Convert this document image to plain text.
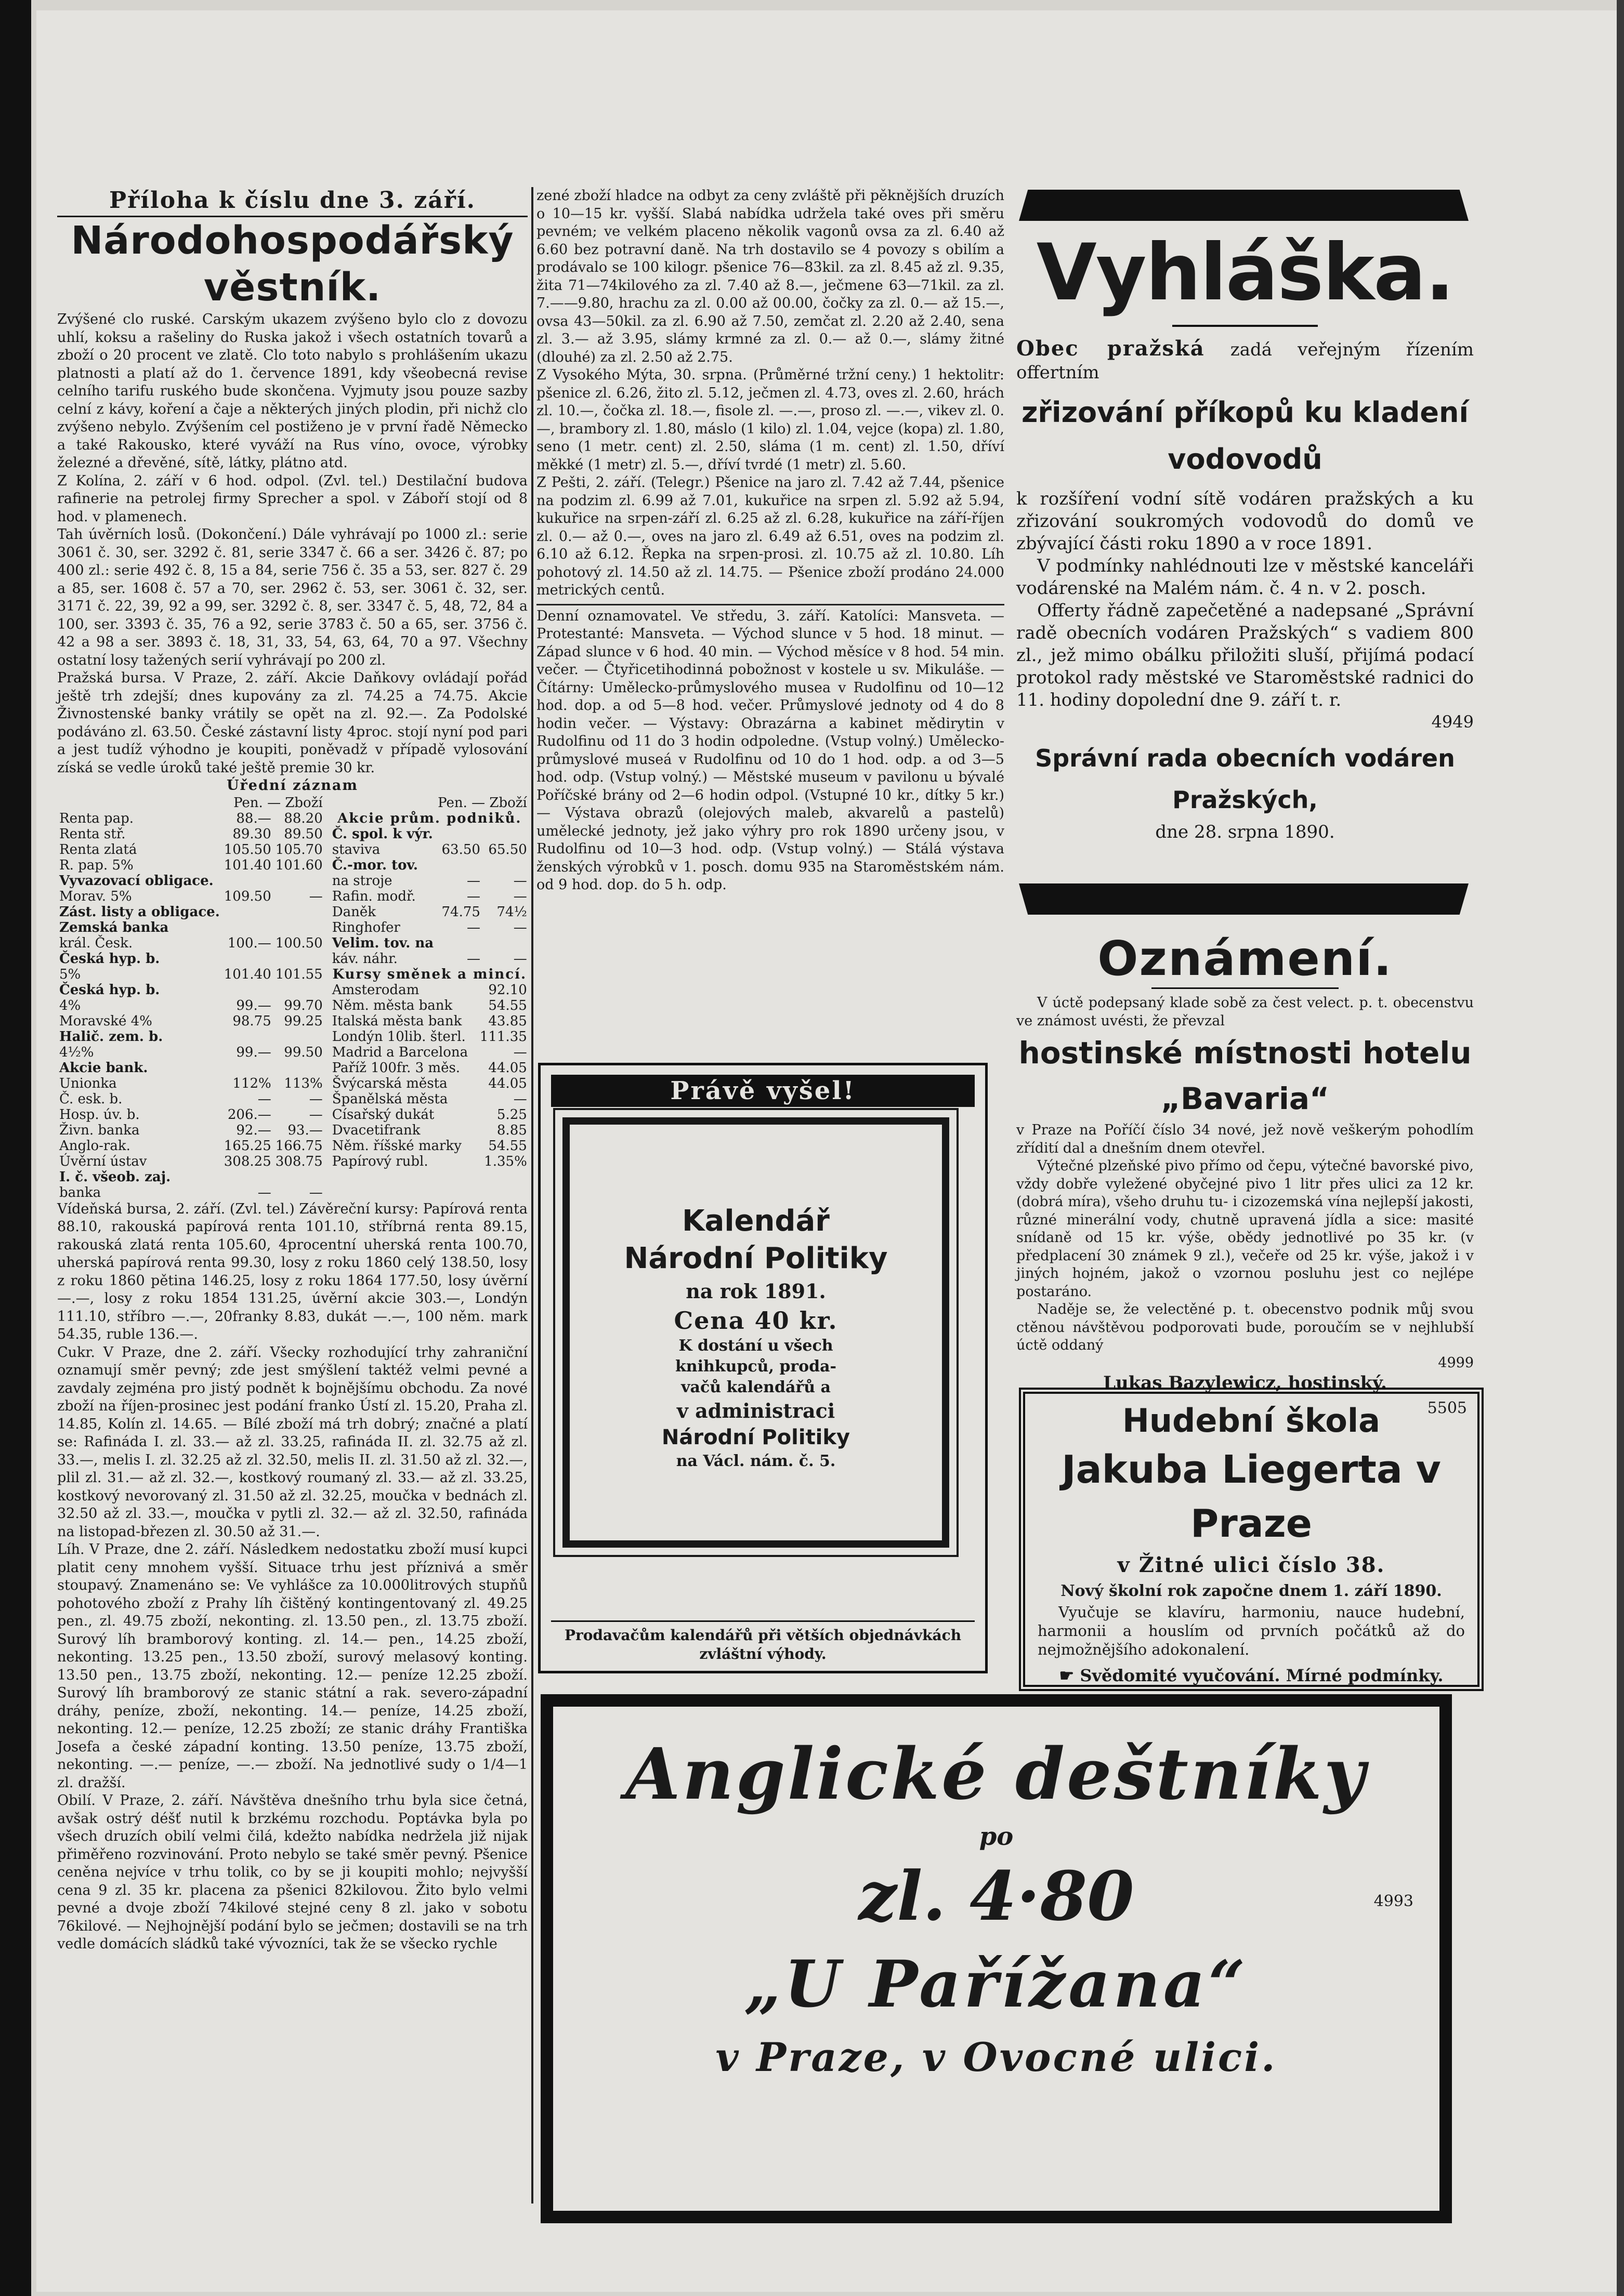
Příloha k číslu dne 3. září.
Národohospodářský věstník.

Zvýšené clo ruské. Carským ukazem zvýšeno bylo clo z dovozu uhlí, koksu a rašeliny do Ruska jakož i všech ostatních tovarů a zboží o 20 procent ve zlatě. Clo toto nabylo s prohlášením ukazu platnosti a platí až do 1. července 1891, kdy všeobecná revise celního tarifu ruského bude skončena. Vyjmuty jsou pouze sazby celní z kávy, koření a čaje a některých jiných plodin, při nichž clo zvýšeno nebylo. Zvýšením cel postiženo je v první řadě Německo a také Rakousko, které vyváží na Rus víno, ovoce, výrobky železné a dřevěné, sítě, látky, plátno atd.

Z Kolína, 2. září v 6 hod. odpol. (Zvl. tel.) Destilační budova rafinerie na petrolej firmy Sprecher a spol. v Záboří stojí od 8 hod. v plamenech.

Tah úvěrních losů. (Dokončení.) Dále vyhrávají po 1000 zl.: serie 3061 č. 30, ser. 3292 č. 81, serie 3347 č. 66 a ser. 3426 č. 87; po 400 zl.: serie 492 č. 8, 15 a 84, serie 756 č. 35 a 53, ser. 827 č. 29 a 85, ser. 1608 č. 57 a 70, ser. 2962 č. 53, ser. 3061 č. 32, ser. 3171 č. 22, 39, 92 a 99, ser. 3292 č. 8, ser. 3347 č. 5, 48, 72, 84 a 100, ser. 3393 č. 35, 76 a 92, serie 3783 č. 50 a 65, ser. 3756 č. 42 a 98 a ser. 3893 č. 18, 31, 33, 54, 63, 64, 70 a 97. Všechny ostatní losy tažených serií vyhrávají po 200 zl.

Pražská bursa. V Praze, 2. září. Akcie Daňkovy ovládají pořád ještě trh zdejší; dnes kupovány za zl. 74.25 a 74.75. Akcie Živnostenské banky vrátily se opět na zl. 92.—. Za Podolské podáváno zl. 63.50. České zástavní listy 4proc. stojí nyní pod pari a jest tudíž výhodno je koupiti, poněvadž v případě vylosování získá se vedle úroků také ještě premie 30 kr.

Úřední záznam
	Pen. — Zboží	
Renta pap.	88.—	88.20
Renta stř.	89.30	89.50
Renta zlatá	105.50	105.70
R. pap. 5%	101.40	101.60
Vyvazovací obligace.		
Morav. 5%	109.50	—
Zást. listy a obligace.		
Zemská banka		
král. Česk.	100.—	100.50
Česká hyp. b.		
5%	101.40	101.55
Česká hyp. b.		
4%	99.—	99.70
Moravské 4%	98.75	99.25
Halič. zem. b.		
4½%	99.—	99.50
Akcie bank.		
Unionka	112%	113%
Č. esk. b.	—	—
Hosp. úv. b.	206.—	—
Živn. banka	92.—	93.—
Anglo-rak.	165.25	166.75
Úvěrní ústav	308.25	308.75
I. č. všeob. zaj.		
banka	—	—
	Pen. — Zboží	
Akcie prům. podniků.		
Č. spol. k výr.		
staviva	63.50	65.50
Č.-mor. tov.		
na stroje	—	—
Rafin. modř.	—	—
Daněk	74.75	74½
Ringhofer	—	—
Velim. tov. na		
káv. náhr.	—	—
Kursy směnek a mincí.		
Amsterodam		92.10
Něm. města bank		54.55
Italská města bank		43.85
Londýn 10lib. šterl.		111.35
Madrid a Barcelona		—
Paříž 100fr. 3 měs.		44.05
Švýcarská města		44.05
Španělská města		—
Císařský dukát		5.25
Dvacetifrank		8.85
Něm. říšské marky		54.55
Papírový rubl.		1.35%

Vídeňská bursa, 2. září. (Zvl. tel.) Závěreční kursy: Papírová renta 88.10, rakouská papírová renta 101.10, stříbrná renta 89.15, rakouská zlatá renta 105.60, 4procentní uherská renta 100.70, uherská papírová renta 99.30, losy z roku 1860 celý 138.50, losy z roku 1860 pětina 146.25, losy z roku 1864 177.50, losy úvěrní —.—, losy z roku 1854 131.25, úvěrní akcie 303.—, Londýn 111.10, stříbro —.—, 20franky 8.83, dukát —.—, 100 něm. mark 54.35, ruble 136.—.

Cukr. V Praze, dne 2. září. Všecky rozhodující trhy zahraniční oznamují směr pevný; zde jest smýšlení taktéž velmi pevné a zavdaly zejména pro jistý podnět k bojnějšímu obchodu. Za nové zboží na říjen-prosinec jest podání franko Ústí zl. 15.20, Praha zl. 14.85, Kolín zl. 14.65. — Bílé zboží má trh dobrý; značné a platí se: Rafináda I. zl. 33.— až zl. 33.25, rafináda II. zl. 32.75 až zl. 33.—, melis I. zl. 32.25 až zl. 32.50, melis II. zl. 31.50 až zl. 32.—, plil zl. 31.— až zl. 32.—, kostkový roumaný zl. 33.— až zl. 33.25, kostkový nevorovaný zl. 31.50 až zl. 32.25, moučka v bednách zl. 32.50 až zl. 33.—, moučka v pytli zl. 32.— až zl. 32.50, rafináda na listopad-březen zl. 30.50 až 31.—.

Líh. V Praze, dne 2. září. Následkem nedostatku zboží musí kupci platit ceny mnohem vyšší. Situace trhu jest příznivá a směr stoupavý. Znamenáno se: Ve vyhlášce za 10.000litrových stupňů pohotového zboží z Prahy líh čištěný kontingentovaný zl. 49.25 pen., zl. 49.75 zboží, nekonting. zl. 13.50 pen., zl. 13.75 zboží. Surový líh bramborový konting. zl. 14.— pen., 14.25 zboží, nekonting. 13.25 pen., 13.50 zboží, surový melasový konting. 13.50 pen., 13.75 zboží, nekonting. 12.— peníze 12.25 zboží. Surový líh bramborový ze stanic státní a rak. severo-západní dráhy, peníze, zboží, nekonting. 14.— peníze, 14.25 zboží, nekonting. 12.— peníze, 12.25 zboží; ze stanic dráhy Františka Josefa a české západní konting. 13.50 peníze, 13.75 zboží, nekonting. —.— peníze, —.— zboží. Na jednotlivé sudy o 1/4—1 zl. dražší.

Obilí. V Praze, 2. září. Návštěva dnešního trhu byla sice četná, avšak ostrý déšť nutil k brzkému rozchodu. Poptávka byla po všech druzích obilí velmi čilá, kdežto nabídka nedržela již nijak přiměřeno rozvinování. Proto nebylo se také směr pevný. Pšenice ceněna nejvíce v trhu tolik, co by se ji koupiti mohlo; nejvyšší cena 9 zl. 35 kr. placena za pšenici 82kilovou. Žito bylo velmi pevné a dvoje zboží 74kilové stejné ceny 8 zl. jako v sobotu 76kilové. — Nejhojnější podání bylo se ječmen; dostavili se na trh vedle domácích sládků také vývozníci, tak že se všecko rychle

zené zboží hladce na odbyt za ceny zvláště při pěknějších druzích o 10—15 kr. vyšší. Slabá nabídka udržela také oves při směru pevném; ve velkém placeno několik vagonů ovsa za zl. 6.40 až 6.60 bez potravní daně. Na trh dostavilo se 4 povozy s obilím a prodávalo se 100 kilogr. pšenice 76—83kil. za zl. 8.45 až zl. 9.35, žita 71—74kilového za zl. 7.40 až 8.—, ječmene 63—71kil. za zl. 7.——9.80, hrachu za zl. 0.00 až 00.00, čočky za zl. 0.— až 15.—, ovsa 43—50kil. za zl. 6.90 až 7.50, zemčat zl. 2.20 až 2.40, sena zl. 3.— až 3.95, slámy krmné za zl. 0.— až 0.—, slámy žitné (dlouhé) za zl. 2.50 až 2.75.

Z Vysokého Mýta, 30. srpna. (Průměrné tržní ceny.) 1 hektolitr: pšenice zl. 6.26, žito zl. 5.12, ječmen zl. 4.73, oves zl. 2.60, hrách zl. 10.—, čočka zl. 18.—, fisole zl. —.—, proso zl. —.—, vikev zl. 0.—, brambory zl. 1.80, máslo (1 kilo) zl. 1.04, vejce (kopa) zl. 1.80, seno (1 metr. cent) zl. 2.50, sláma (1 m. cent) zl. 1.50, dříví měkké (1 metr) zl. 5.—, dříví tvrdé (1 metr) zl. 5.60.

Z Pešti, 2. září. (Telegr.) Pšenice na jaro zl. 7.42 až 7.44, pšenice na podzim zl. 6.99 až 7.01, kukuřice na srpen zl. 5.92 až 5.94, kukuřice na srpen-září zl. 6.25 až zl. 6.28, kukuřice na září-říjen zl. 0.— až 0.—, oves na jaro zl. 6.49 až 6.51, oves na podzim zl. 6.10 až 6.12. Řepka na srpen-prosi. zl. 10.75 až zl. 10.80. Líh pohotový zl. 14.50 až zl. 14.75. — Pšenice zboží prodáno 24.000 metrických centů.

Denní oznamovatel. Ve středu, 3. září. Katolíci: Mansveta. — Protestanté: Mansveta. — Východ slunce v 5 hod. 18 minut. — Západ slunce v 6 hod. 40 min. — Východ měsíce v 8 hod. 54 min. večer. — Čtyřicetihodinná pobožnost v kostele u sv. Mikuláše. — Čítárny: Umělecko-průmyslového musea v Rudolfinu od 10—12 hod. dop. a od 5—8 hod. večer. Průmyslové jednoty od 4 do 8 hodin večer. — Výstavy: Obrazárna a kabinet mědirytin v Rudolfinu od 11 do 3 hodin odpoledne. (Vstup volný.) Umělecko-průmyslové museá v Rudolfinu od 10 do 1 hod. odp. a od 3—5 hod. odp. (Vstup volný.) — Městské museum v pavilonu u bývalé Poříčské brány od 2—6 hodin odpol. (Vstupné 10 kr., dítky 5 kr.) — Výstava obrazů (olejových maleb, akvarelů a pastelů) umělecké jednoty, jež jako výhry pro rok 1890 určeny jsou, v Rudolfinu od 10—3 hod. odp. (Vstup volný.) — Stálá výstava ženských výrobků v 1. posch. domu 935 na Staroměstském nám. od 9 hod. dop. do 5 h. odp.

Právě vyšel!
Kalendář
Národní Politiky
na rok 1891.
Cena 40 kr.
K dostání u všech
knihkupců, proda-
vačů kalendářů a
v administraci
Národní Politiky
na Václ. nám. č. 5.
Prodavačům kalendářů při větších objednávkách zvláštní výhody.
Vyhláška.

Obec pražská zadá veřejným řízením offertním

zřizování příkopů ku kladení vodovodů

k rozšíření vodní sítě vodáren pražských a ku zřizování soukromých vodovodů do domů ve zbývající části roku 1890 a v roce 1891.

V podmínky nahlédnouti lze v městské kanceláři vodárenské na Malém nám. č. 4 n. v 2. posch.

Offerty řádně zapečetěné a nadepsané „Správní radě obecních vodáren Pražských“ s vadiem 800 zl., jež mimo obálku přiložiti sluší, přijímá podací protokol rady městské ve Staroměstské radnici do 11. hodiny dopolední dne 9. září t. r.

4949
Správní rada obecních vodáren Pražských,
dne 28. srpna 1890.
Oznámení.

V úctě podepsaný klade sobě za čest velect. p. t. obecenstvu ve známost uvésti, že převzal

hostinské místnosti hotelu „Bavaria“

v Praze na Poříčí číslo 34 nové, jež nově veškerým pohodlím zřídití dal a dnešním dnem otevřel.

Výtečné plzeňské pivo přímo od čepu, výtečné bavorské pivo, vždy dobře vyležené obyčejné pivo 1 litr přes ulici za 12 kr. (dobrá míra), všeho druhu tu- i cizozemská vína nejlepší jakosti, různé minerální vody, chutně upravená jídla a sice: masité snídaně od 15 kr. výše, obědy jednotlivé po 35 kr. (v předplacení 30 známek 9 zl.), večeře od 25 kr. výše, jakož i v jiných hojném, jakož o vzornou posluhu jest co nejlépe postaráno.

Naděje se, že velectěné p. t. obecenstvo podnik můj svou ctěnou návštěvou podporovati bude, poroučím se v nejhlubší úctě oddaný

4999
Lukas Bazylewicz, hostinský.
5505
Hudební škola
Jakuba Liegerta v Praze
v Žitné ulici číslo 38.
Nový školní rok započne dnem 1. září 1890.

Vyučuje se klavíru, harmoniu, nauce hudební, harmonii a houslím od prvních počátků až do nejmožnějšího adokonalení.

☛ Svědomité vyučování. Mírné podmínky.
Anglické deštníky
po
zl. 4·80	4993
„U Pařížana“
v Praze, v Ovocné ulici.
